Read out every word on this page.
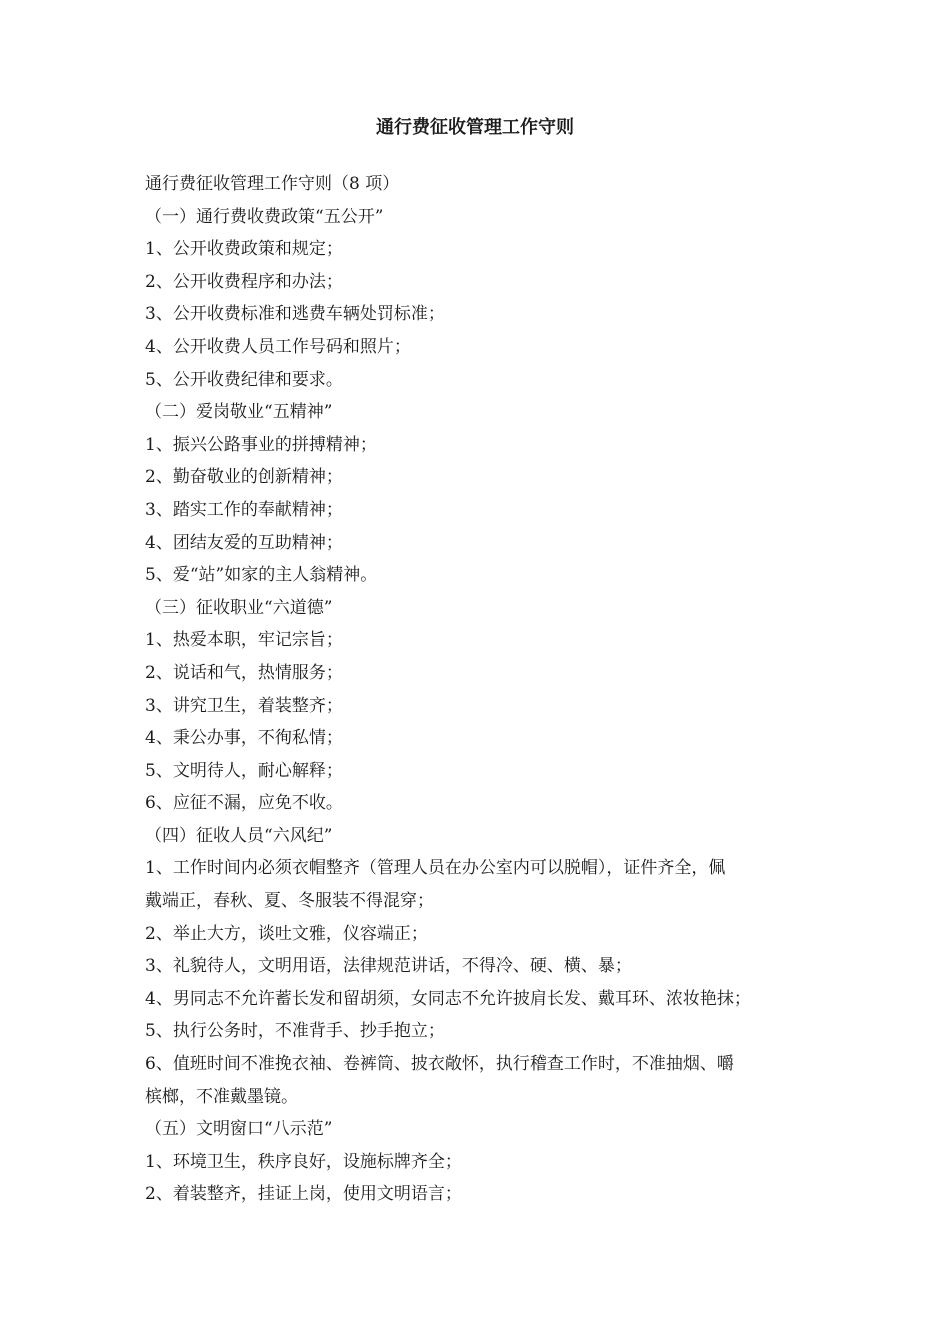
通行费征收管理工作守则
通行费征收管理工作守则（8 项）
（一）通行费收费政策“五公开”
1、公开收费政策和规定；
2、公开收费程序和办法；
3、公开收费标准和逃费车辆处罚标准；
4、公开收费人员工作号码和照片；
5、公开收费纪律和要求。
（二）爱岗敬业“五精神”
1、振兴公路事业的拼搏精神；
2、勤奋敬业的创新精神；
3、踏实工作的奉献精神；
4、团结友爱的互助精神；
5、爱“站”如家的主人翁精神。
（三）征收职业“六道德”
1、热爱本职，牢记宗旨；
2、说话和气，热情服务；
3、讲究卫生，着装整齐；
4、秉公办事，不徇私情；
5、文明待人，耐心解释；
6、应征不漏，应免不收。
（四）征收人员“六风纪”
1、工作时间内必须衣帽整齐（管理人员在办公室内可以脱帽），证件齐全，佩
戴端正，春秋、夏、冬服装不得混穿；
2、举止大方，谈吐文雅，仪容端正；
3、礼貌待人，文明用语，法律规范讲话，不得冷、硬、横、暴；
4、男同志不允许蓄长发和留胡须，女同志不允许披肩长发、戴耳环、浓妆艳抹；
5、执行公务时，不准背手、抄手抱立；
6、值班时间不准挽衣袖、卷裤筒、披衣敞怀，执行稽查工作时，不准抽烟、嚼
槟榔，不准戴墨镜。
（五）文明窗口“八示范”
1、环境卫生，秩序良好，设施标牌齐全；
2、着装整齐，挂证上岗，使用文明语言；
